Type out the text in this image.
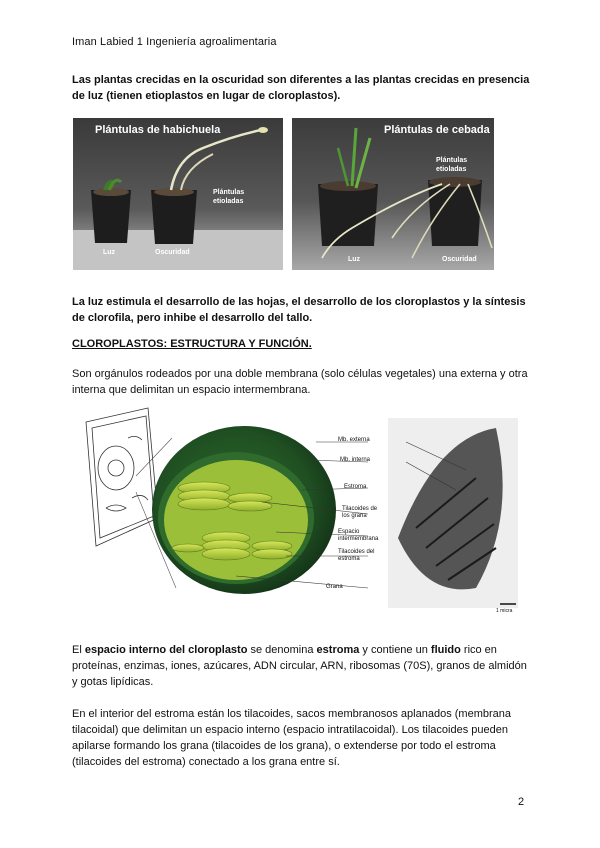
Iman Labied 1 Ingeniería agroalimentaria
Las plantas crecidas en la oscuridad son diferentes a las plantas crecidas en presencia de luz (tienen etioplastos en lugar de cloroplastos).
Plántulas de habichuela
Plántulas etioladas
Luz	Oscuridad
Plántulas de cebada
Plántulas etioladas
Luz	Oscuridad
La luz estimula el desarrollo de las hojas, el desarrollo de los cloroplastos y la síntesis de clorofila, pero inhibe el desarrollo del tallo.
CLOROPLASTOS: ESTRUCTURA Y FUNCIÓN.
Son orgánulos rodeados por una doble membrana (solo células vegetales) una externa y otra interna que delimitan un espacio intermembrana.
Mb. externa
Mb. interna
Estroma
Tilacoides de los grana
Espacio intermembrana
Tilacoides del estroma
Grana
1 micra
El espacio interno del cloroplasto se denomina estroma y contiene un fluido rico en proteínas, enzimas, iones, azúcares, ADN circular, ARN, ribosomas (70S), granos de almidón y gotas lipídicas.
En el interior del estroma están los tilacoides, sacos membranosos aplanados (membrana tilacoidal) que delimitan un espacio interno (espacio intratilacoidal). Los tilacoides pueden apilarse formando los grana (tilacoides de los grana), o extenderse por todo el estroma (tilacoides del estroma) conectado a los grana entre sí.
2
